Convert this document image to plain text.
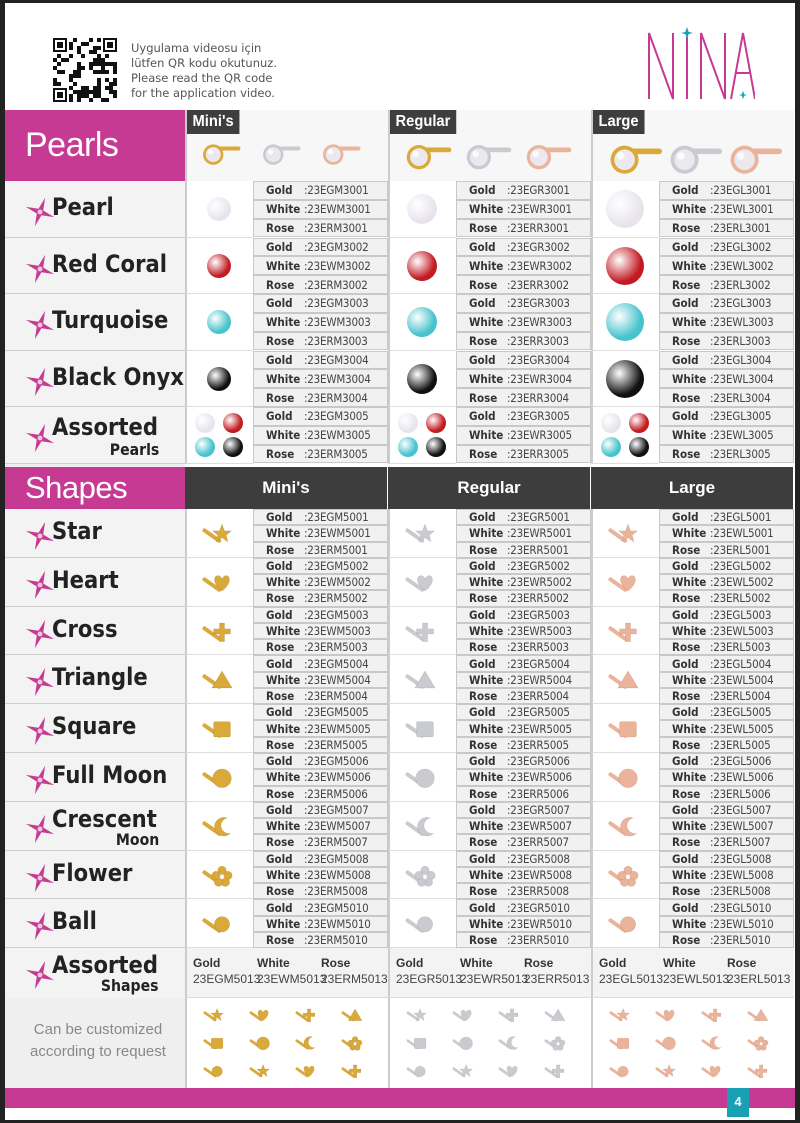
Uygulama videosu için
lütfen QR kodu okutunuz.
Please read the QR code
for the application video.
Pearls
Shapes
Can be customized
according to request
4
Mini's	Regular	Large
Pearl
Gold :23EGM3001
White :23EWM3001
Rose :23ERM3001
Gold :23EGR3001
White :23EWR3001
Rose :23ERR3001
Gold :23EGL3001
White :23EWL3001
Rose :23ERL3001
Red Coral
Gold :23EGM3002
White :23EWM3002
Rose :23ERM3002
Gold :23EGR3002
White :23EWR3002
Rose :23ERR3002
Gold :23EGL3002
White :23EWL3002
Rose :23ERL3002
Turquoise
Gold :23EGM3003
White :23EWM3003
Rose :23ERM3003
Gold :23EGR3003
White :23EWR3003
Rose :23ERR3003
Gold :23EGL3003
White :23EWL3003
Rose :23ERL3003
Black Onyx
Gold :23EGM3004
White :23EWM3004
Rose :23ERM3004
Gold :23EGR3004
White :23EWR3004
Rose :23ERR3004
Gold :23EGL3004
White :23EWL3004
Rose :23ERL3004
Assorted
Pearls
Gold :23EGM3005
White :23EWM3005
Rose :23ERM3005
Gold :23EGR3005
White :23EWR3005
Rose :23ERR3005
Gold :23EGL3005
White :23EWL3005
Rose :23ERL3005
Mini's	Regular	Large
Star	Gold :23EGM5001
White :23EWM5001
Rose :23ERM5001
Gold :23EGR5001
White :23EWR5001
Rose :23ERR5001
Gold :23EGL5001
White :23EWL5001
Rose :23ERL5001
Heart	Gold :23EGM5002
White :23EWM5002
Rose :23ERM5002
Gold :23EGR5002
White :23EWR5002
Rose :23ERR5002
Gold :23EGL5002
White :23EWL5002
Rose :23ERL5002
Cross	Gold :23EGM5003
White :23EWM5003
Rose :23ERM5003
Gold :23EGR5003
White :23EWR5003
Rose :23ERR5003
Gold :23EGL5003
White :23EWL5003
Rose :23ERL5003
Triangle	Gold :23EGM5004
White :23EWM5004
Rose :23ERM5004
Gold :23EGR5004
White :23EWR5004
Rose :23ERR5004
Gold :23EGL5004
White :23EWL5004
Rose :23ERL5004
Square	Gold :23EGM5005
White :23EWM5005
Rose :23ERM5005
Gold :23EGR5005
White :23EWR5005
Rose :23ERR5005
Gold :23EGL5005
White :23EWL5005
Rose :23ERL5005
Full Moon	Gold :23EGM5006
White :23EWM5006
Rose :23ERM5006
Gold :23EGR5006
White :23EWR5006
Rose :23ERR5006
Gold :23EGL5006
White :23EWL5006
Rose :23ERL5006
Crescent
Moon
Gold :23EGM5007
White :23EWM5007
Rose :23ERM5007
Gold :23EGR5007
White :23EWR5007
Rose :23ERR5007
Gold :23EGL5007
White :23EWL5007
Rose :23ERL5007
Flower	Gold :23EGM5008
White :23EWM5008
Rose :23ERM5008
Gold :23EGR5008
White :23EWR5008
Rose :23ERR5008
Gold :23EGL5008
White :23EWL5008
Rose :23ERL5008
Ball	Gold :23EGM5010
White :23EWM5010
Rose :23ERM5010
Gold :23EGR5010
White :23EWR5010
Rose :23ERR5010
Gold :23EGL5010
White :23EWL5010
Rose :23ERL5010
Assorted
Shapes
Gold
23EGM5013
White
23EWM5013
Rose
23ERM5013
Gold
23EGR5013
White
23EWR5013
Rose
23ERR5013
Gold
23EGL5013
White
23EWL5013
Rose
23ERL5013
